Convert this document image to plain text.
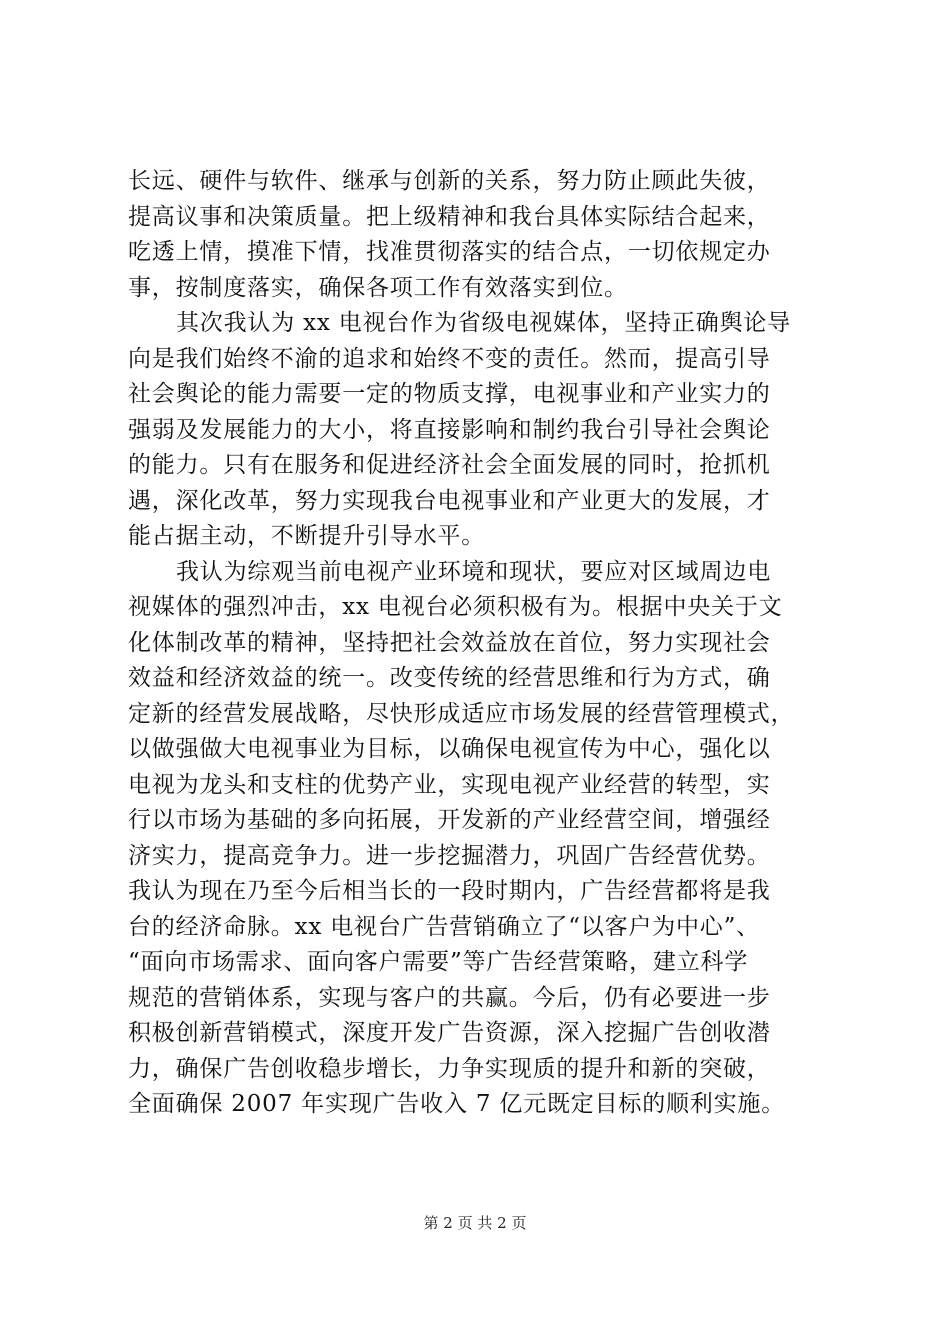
长远、硬件与软件、继承与创新的关系，努力防止顾此失彼，
提高议事和决策质量。把上级精神和我台具体实际结合起来，
吃透上情，摸准下情，找准贯彻落实的结合点，一切依规定办
事，按制度落实，确保各项工作有效落实到位。
其次我认为 xx 电视台作为省级电视媒体，坚持正确舆论导
向是我们始终不渝的追求和始终不变的责任。然而，提高引导
社会舆论的能力需要一定的物质支撑，电视事业和产业实力的
强弱及发展能力的大小，将直接影响和制约我台引导社会舆论
的能力。只有在服务和促进经济社会全面发展的同时，抢抓机
遇，深化改革，努力实现我台电视事业和产业更大的发展，才
能占据主动，不断提升引导水平。
我认为综观当前电视产业环境和现状，要应对区域周边电
视媒体的强烈冲击，xx 电视台必须积极有为。根据中央关于文
化体制改革的精神，坚持把社会效益放在首位，努力实现社会
效益和经济效益的统一。改变传统的经营思维和行为方式，确
定新的经营发展战略，尽快形成适应市场发展的经营管理模式，
以做强做大电视事业为目标，以确保电视宣传为中心，强化以
电视为龙头和支柱的优势产业，实现电视产业经营的转型，实
行以市场为基础的多向拓展，开发新的产业经营空间，增强经
济实力，提高竞争力。进一步挖掘潜力，巩固广告经营优势。
我认为现在乃至今后相当长的一段时期内，广告经营都将是我
台的经济命脉。xx 电视台广告营销确立了“以客户为中心”、
“面向市场需求、面向客户需要”等广告经营策略，建立科学
规范的营销体系，实现与客户的共赢。今后，仍有必要进一步
积极创新营销模式，深度开发广告资源，深入挖掘广告创收潜
力，确保广告创收稳步增长，力争实现质的提升和新的突破，
全面确保 2007 年实现广告收入 7 亿元既定目标的顺利实施。
第 2 页 共 2 页
